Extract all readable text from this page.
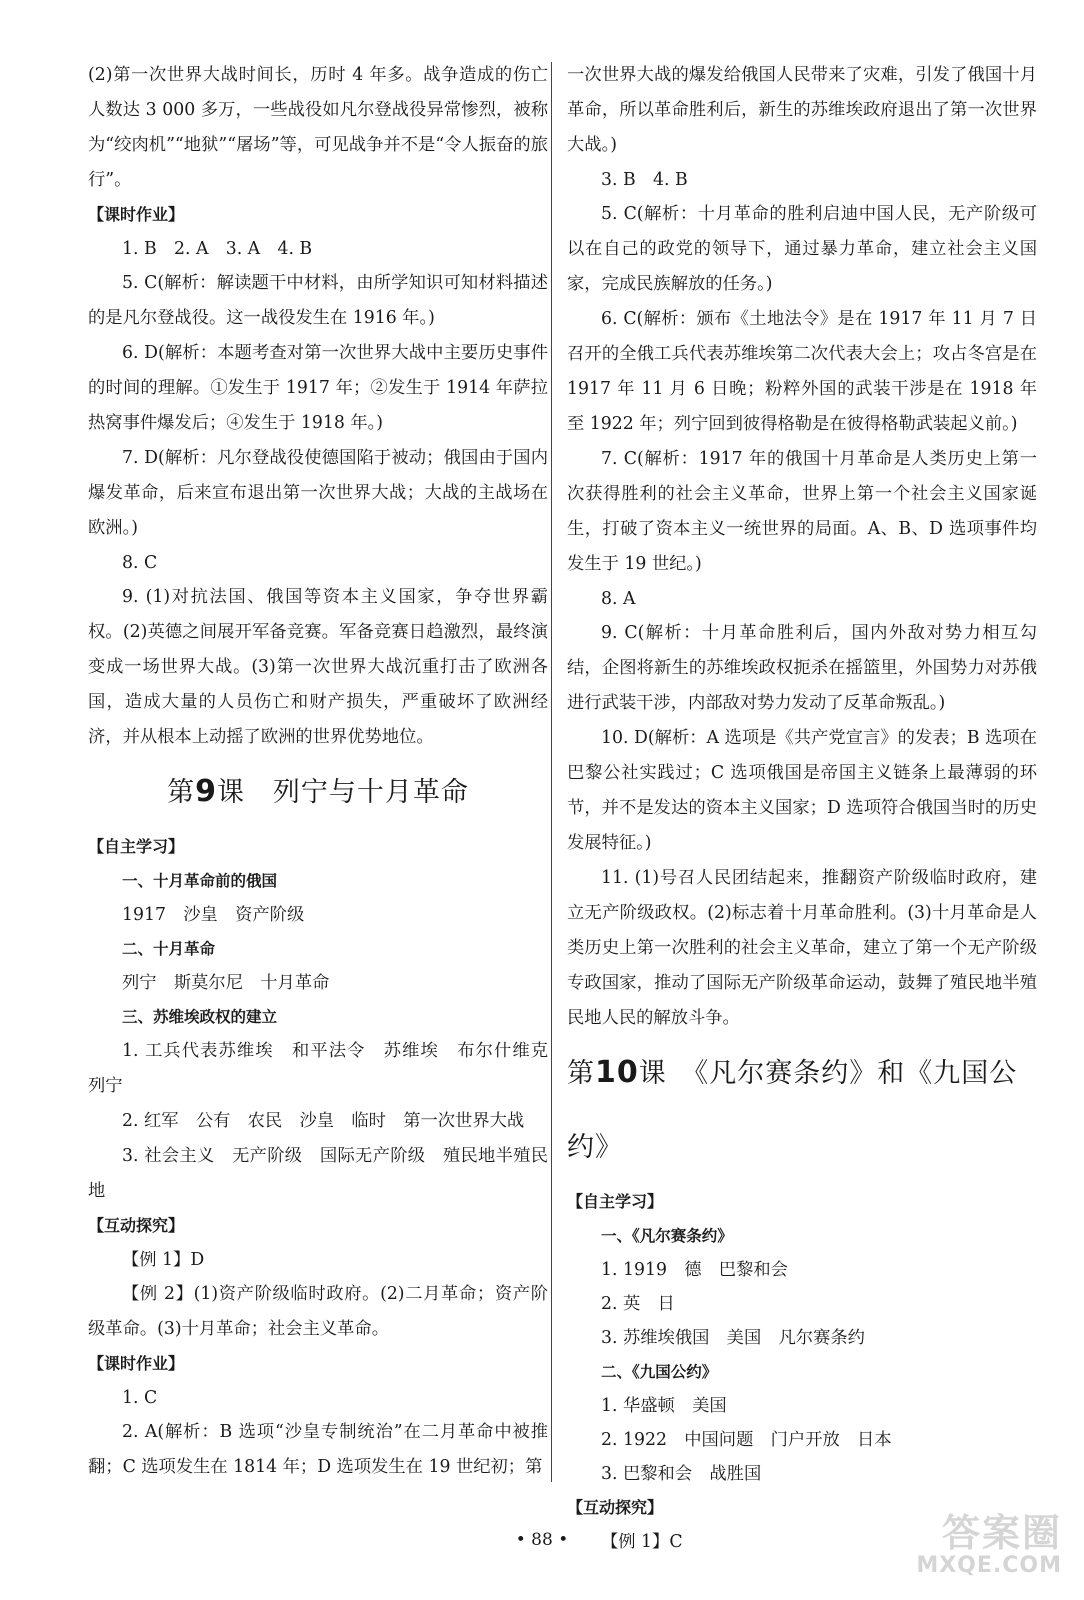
(2)第一次世界大战时间长，历时 4 年多。战争造成的伤亡人数达 3 000 多万，一些战役如凡尔登战役异常惨烈，被称为“绞肉机”“地狱”“屠场”等，可见战争并不是“令人振奋的旅行”。

【课时作业】

1. B　2. A　3. A　4. B

5. C(解析：解读题干中材料，由所学知识可知材料描述的是凡尔登战役。这一战役发生在 1916 年。)

6. D(解析：本题考查对第一次世界大战中主要历史事件的时间的理解。①发生于 1917 年；②发生于 1914 年萨拉热窝事件爆发后；④发生于 1918 年。)

7. D(解析：凡尔登战役使德国陷于被动；俄国由于国内爆发革命，后来宣布退出第一次世界大战；大战的主战场在欧洲。)

8. C

9. (1)对抗法国、俄国等资本主义国家，争夺世界霸权。(2)英德之间展开军备竞赛。军备竞赛日趋激烈，最终演变成一场世界大战。(3)第一次世界大战沉重打击了欧洲各国，造成大量的人员伤亡和财产损失，严重破坏了欧洲经济，并从根本上动摇了欧洲的世界优势地位。

第9课　列宁与十月革命

【自主学习】

一、十月革命前的俄国

1917　沙皇　资产阶级

二、十月革命

列宁　斯莫尔尼　十月革命

三、苏维埃政权的建立

1. 工兵代表苏维埃　和平法令　苏维埃　布尔什维克　列宁

2. 红军　公有　农民　沙皇　临时　第一次世界大战

3. 社会主义　无产阶级　国际无产阶级　殖民地半殖民地

【互动探究】

【例 1】D

【例 2】(1)资产阶级临时政府。(2)二月革命；资产阶级革命。(3)十月革命；社会主义革命。

【课时作业】

1. C

2. A(解析：B 选项“沙皇专制统治”在二月革命中被推翻；C 选项发生在 1814 年；D 选项发生在 19 世纪初；第

一次世界大战的爆发给俄国人民带来了灾难，引发了俄国十月革命，所以革命胜利后，新生的苏维埃政府退出了第一次世界大战。)

3. B　4. B

5. C(解析：十月革命的胜利启迪中国人民，无产阶级可以在自己的政党的领导下，通过暴力革命，建立社会主义国家，完成民族解放的任务。)

6. C(解析：颁布《土地法令》是在 1917 年 11 月 7 日召开的全俄工兵代表苏维埃第二次代表大会上；攻占冬宫是在 1917 年 11 月 6 日晚；粉粹外国的武装干涉是在 1918 年至 1922 年；列宁回到彼得格勒是在彼得格勒武装起义前。)

7. C(解析：1917 年的俄国十月革命是人类历史上第一次获得胜利的社会主义革命，世界上第一个社会主义国家诞生，打破了资本主义一统世界的局面。A、B、D 选项事件均发生于 19 世纪。)

8. A

9. C(解析：十月革命胜利后，国内外敌对势力相互勾结，企图将新生的苏维埃政权扼杀在摇篮里，外国势力对苏俄进行武装干涉，内部敌对势力发动了反革命叛乱。)

10. D(解析：A 选项是《共产党宣言》的发表；B 选项在巴黎公社实践过；C 选项俄国是帝国主义链条上最薄弱的环节，并不是发达的资本主义国家；D 选项符合俄国当时的历史发展特征。)

11. (1)号召人民团结起来，推翻资产阶级临时政府，建立无产阶级政权。(2)标志着十月革命胜利。(3)十月革命是人类历史上第一次胜利的社会主义革命，建立了第一个无产阶级专政国家，推动了国际无产阶级革命运动，鼓舞了殖民地半殖民地人民的解放斗争。

第10课　《凡尔赛条约》和《九国公约》

【自主学习】

一、《凡尔赛条约》

1. 1919　德　巴黎和会

2. 英　日

3. 苏维埃俄国　美国　凡尔赛条约

二、《九国公约》

1. 华盛顿　美国

2. 1922　中国问题　门户开放　日本

3. 巴黎和会　战胜国

【互动探究】

【例 1】C

• 88 •	答案圈
MXQE.COM
